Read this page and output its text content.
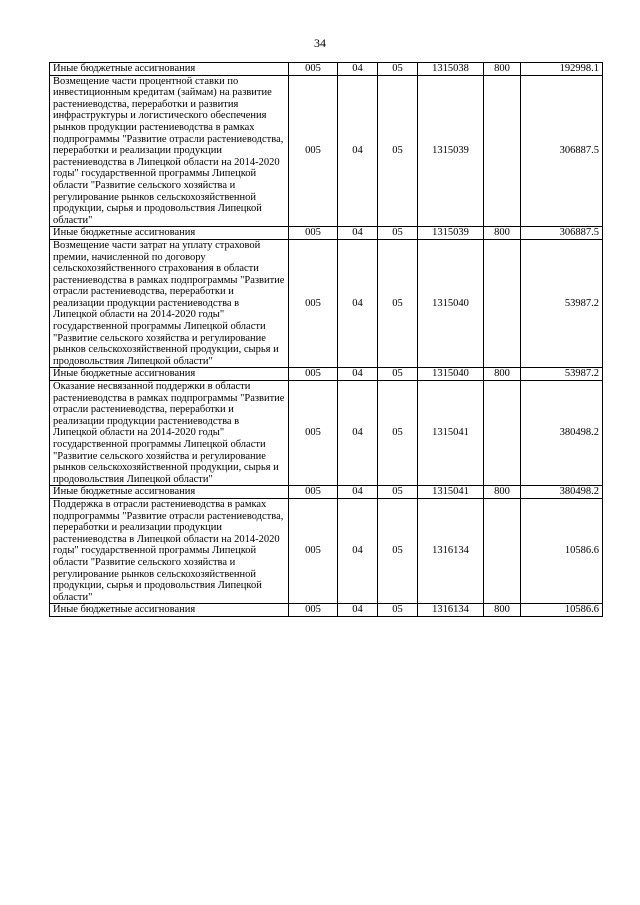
34
Иные бюджетные ассигнования	005	04	05	1315038	800	192998.1
Возмещение части процентной ставки по инвестиционным кредитам (займам) на развитие растениеводства, переработки и развития инфраструктуры и логистического обеспечения рынков продукции растениеводства в рамках подпрограммы "Развитие отрасли растениеводства, переработки и реализации продукции растениеводства в Липецкой области на 2014-2020 годы" государственной программы Липецкой области "Развитие сельского хозяйства и регулирование рынков сельскохозяйственной продукции, сырья и продовольствия Липецкой области"	005	04	05	1315039		306887.5
Иные бюджетные ассигнования	005	04	05	1315039	800	306887.5
Возмещение части затрат на уплату страховой премии, начисленной по договору сельскохозяйственного страхования в области растениеводства в рамках подпрограммы "Развитие отрасли растениеводства, переработки и реализации продукции растениеводства в Липецкой области на 2014-2020 годы" государственной программы Липецкой области "Развитие сельского хозяйства и регулирование рынков сельскохозяйственной продукции, сырья и продовольствия Липецкой области"	005	04	05	1315040		53987.2
Иные бюджетные ассигнования	005	04	05	1315040	800	53987.2
Оказание несвязанной поддержки в области растениеводства в рамках подпрограммы "Развитие отрасли растениеводства, переработки и реализации продукции растениеводства в Липецкой области на 2014-2020 годы" государственной программы Липецкой области "Развитие сельского хозяйства и регулирование рынков сельскохозяйственной продукции, сырья и продовольствия Липецкой области"	005	04	05	1315041		380498.2
Иные бюджетные ассигнования	005	04	05	1315041	800	380498.2
Поддержка в отрасли растениеводства в рамках подпрограммы "Развитие отрасли растениеводства, переработки и реализации продукции растениеводства в Липецкой области на 2014-2020 годы" государственной программы Липецкой области "Развитие сельского хозяйства и регулирование рынков сельскохозяйственной продукции, сырья и продовольствия Липецкой области"	005	04	05	1316134		10586.6
Иные бюджетные ассигнования	005	04	05	1316134	800	10586.6
